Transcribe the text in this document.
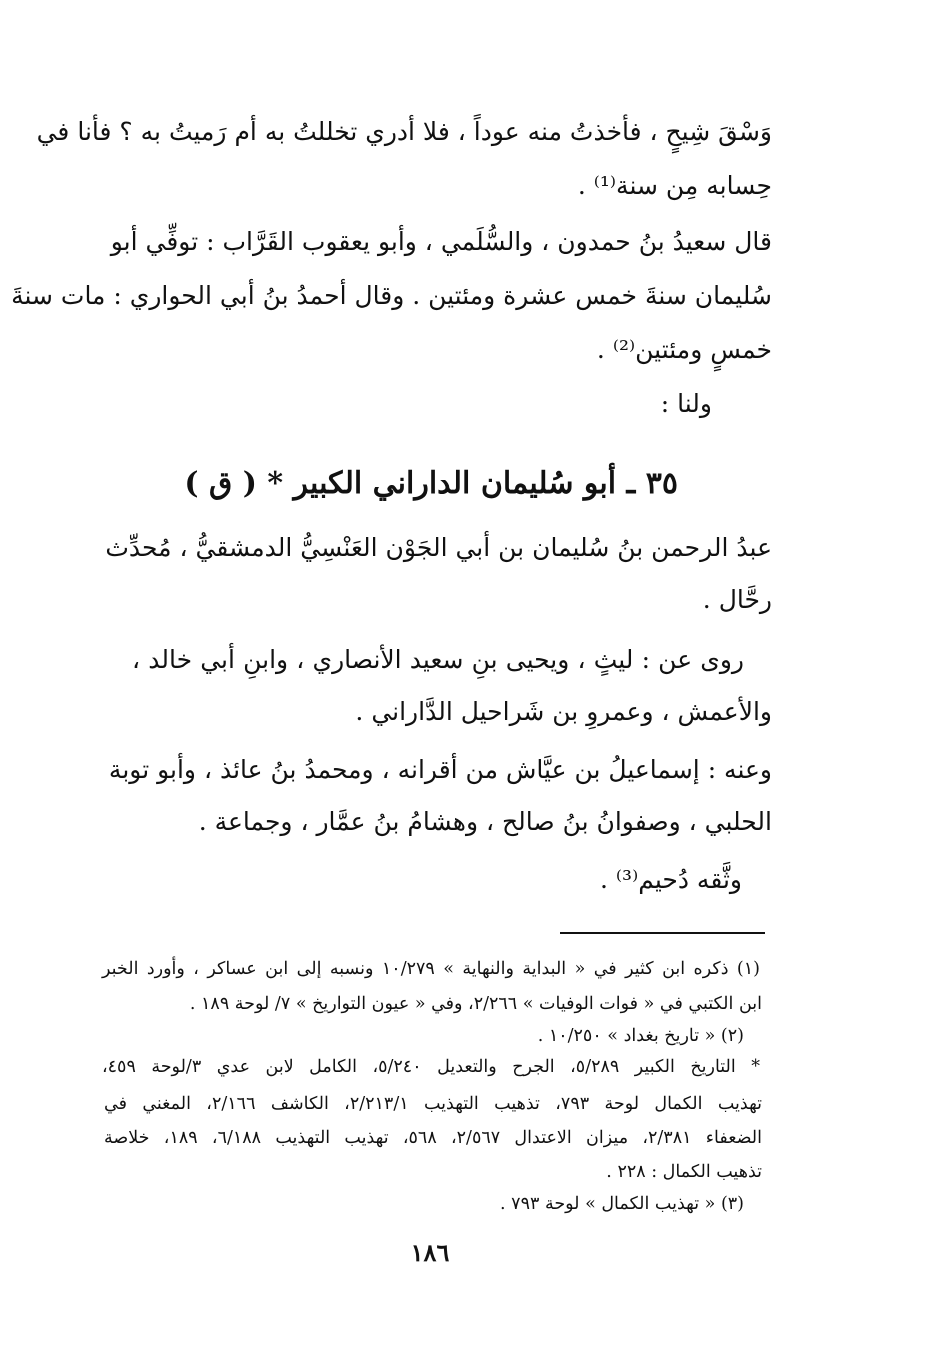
وَسْقَ شِيحٍ ، فأخذتُ منه عوداً ، فلا أدري تخللتُ به أم رَميتُ به ؟ فأنا في
حِسابه مِن سنة⁽¹⁾ .
قال سعيدُ بنُ حمدون ، والسُّلَمي ، وأبو يعقوب القَرَّاب : توفِّي أبو
سُليمان سنةَ خمس عشرة ومئتين . وقال أحمدُ بنُ أبي الحواري : مات سنةَ
خمسٍ ومئتين⁽²⁾ .
ولنا :
٣٥ ـ أبو سُليمان الداراني الكبير * ( ق )
عبدُ الرحمن بنُ سُليمان بن أبي الجَوْن العَنْسِيُّ الدمشقيُّ ، مُحدِّث
رحَّال .
روى عن : ليثٍ ، ويحيى بنِ سعيد الأنصاري ، وابنِ أبي خالد ،
والأعمش ، وعمروِ بن شَراحيل الدَّاراني .
وعنه : إسماعيلُ بن عيَّاش من أقرانه ، ومحمدُ بنُ عائذ ، وأبو توبة
الحلبي ، وصفوانُ بنُ صالح ، وهشامُ بنُ عمَّار ، وجماعة .
وثَّقه دُحيم⁽³⁾ .
(١) ذكره ابن كثير في « البداية والنهاية » ١٠/٢٧٩ ونسبه إلى ابن عساكر ، وأورد الخبر
ابن الكتبي في « فوات الوفيات » ٢/٢٦٦، وفي « عيون التواريخ » ٧/ لوحة ١٨٩ .
(٢) « تاريخ بغداد » ١٠/٢٥٠ .
* التاريخ الكبير ٥/٢٨٩، الجرح والتعديل ٥/٢٤٠، الكامل لابن عدي ٣/لوحة ٤٥٩،
تهذيب الكمال لوحة ٧٩٣، تذهيب التهذيب ٢/٢١٣/١، الكاشف ٢/١٦٦، المغني في
الضعفاء ٢/٣٨١، ميزان الاعتدال ٢/٥٦٧، ٥٦٨، تهذيب التهذيب ٦/١٨٨، ١٨٩، خلاصة
تذهيب الكمال : ٢٢٨ .
(٣) « تهذيب الكمال » لوحة ٧٩٣ .
١٨٦
